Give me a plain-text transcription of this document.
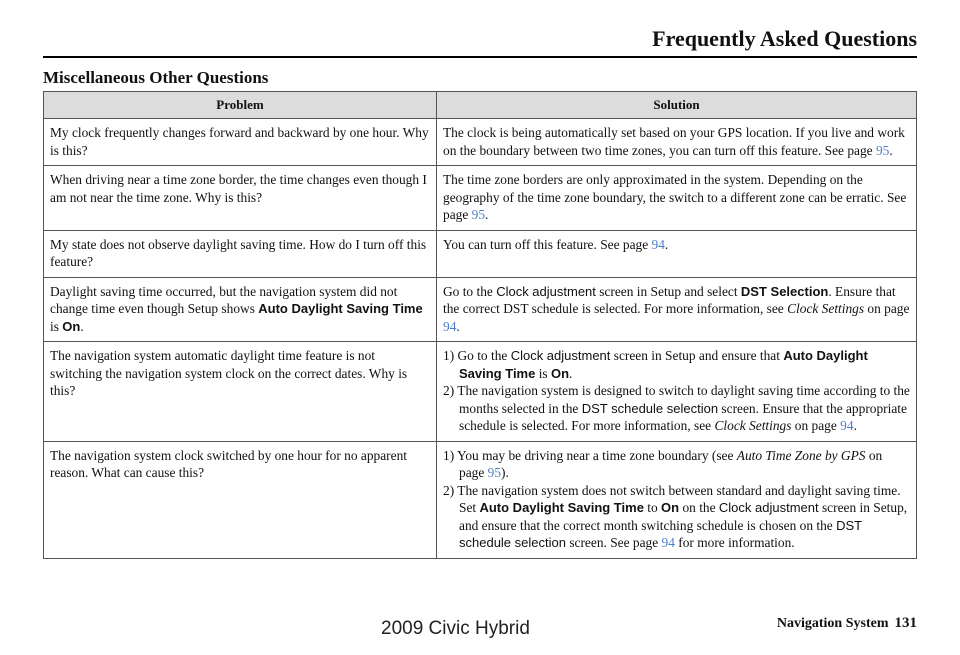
Frequently Asked Questions
Miscellaneous Other Questions
Problem	Solution
My clock frequently changes forward and backward by one hour. Why is this?	The clock is being automatically set based on your GPS location. If you live and work on the boundary between two time zones, you can turn off this feature. See page 95.
When driving near a time zone border, the time changes even though I am not near the time zone. Why is this?	The time zone borders are only approximated in the system. Depending on the geography of the time zone boundary, the switch to a different zone can be erratic. See page 95.
My state does not observe daylight saving time. How do I turn off this feature?	You can turn off this feature. See page 94.
Daylight saving time occurred, but the navigation system did not change time even though Setup shows Auto Daylight Saving Time is On.	Go to the Clock adjustment screen in Setup and select DST Selection. Ensure that the correct DST schedule is selected. For more information, see Clock Settings on page 94.
The navigation system automatic daylight time feature is not switching the navigation system clock on the correct dates. Why is this?	1) Go to the Clock adjustment screen in Setup and ensure that Auto Daylight Saving Time is On.
2) The navigation system is designed to switch to daylight saving time according to the months selected in the DST schedule selection screen. Ensure that the appropriate schedule is selected. For more information, see Clock Settings on page 94.

The navigation system clock switched by one hour for no apparent reason. What can cause this?	1) You may be driving near a time zone boundary (see Auto Time Zone by GPS on page 95).
2) The navigation system does not switch between standard and daylight saving time. Set Auto Daylight Saving Time to On on the Clock adjustment screen in Setup, and ensure that the correct month switching schedule is chosen on the DST schedule selection screen. See page 94 for more information.
Navigation System 131
2009 Civic Hybrid
